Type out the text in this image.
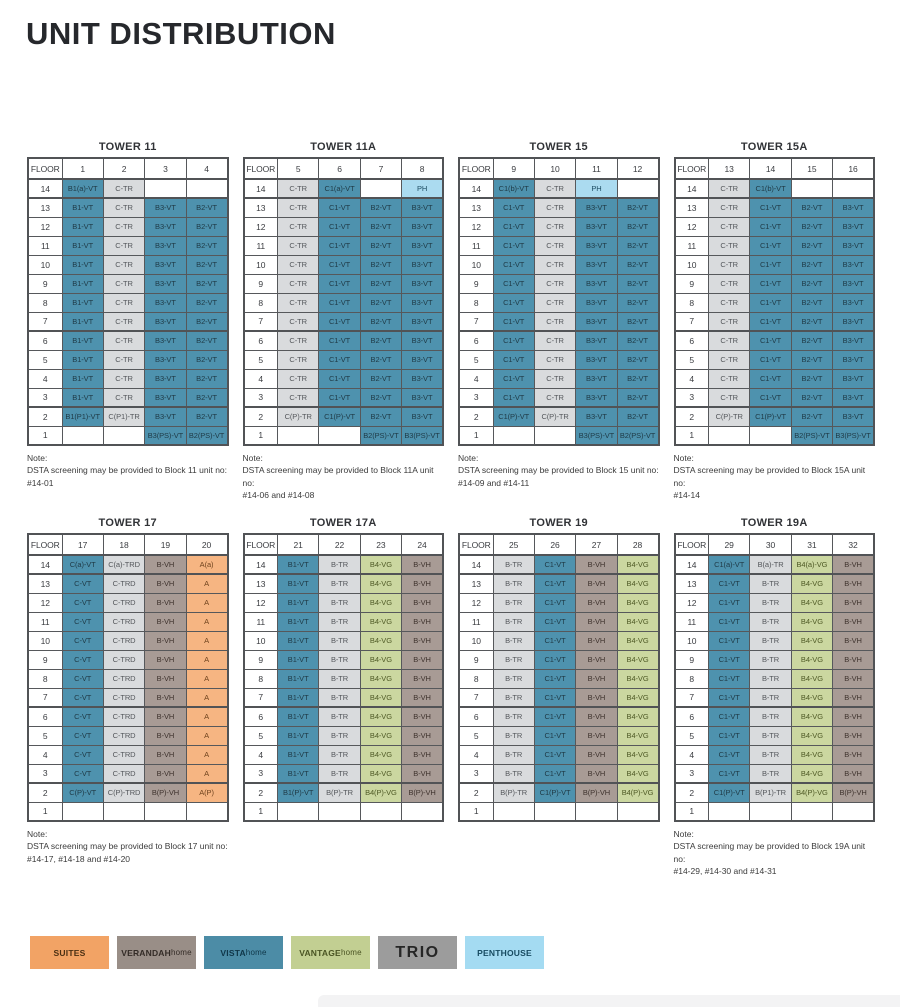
UNIT DISTRIBUTION
TOWER 11
FLOOR	1	2	3	4
14	B1(a)-VT	C-TR		
13	B1-VT	C-TR	B3-VT	B2-VT
12	B1-VT	C-TR	B3-VT	B2-VT
11	B1-VT	C-TR	B3-VT	B2-VT
10	B1-VT	C-TR	B3-VT	B2-VT
9	B1-VT	C-TR	B3-VT	B2-VT
8	B1-VT	C-TR	B3-VT	B2-VT
7	B1-VT	C-TR	B3-VT	B2-VT
6	B1-VT	C-TR	B3-VT	B2-VT
5	B1-VT	C-TR	B3-VT	B2-VT
4	B1-VT	C-TR	B3-VT	B2-VT
3	B1-VT	C-TR	B3-VT	B2-VT
2	B1(P1)-VT	C(P1)-TR	B3-VT	B2-VT
1			B3(PS)-VT	B2(PS)-VT
Note:
DSTA screening may be provided to Block 11 unit no:
#14-01
TOWER 11A
FLOOR	5	6	7	8
14	C-TR	C1(a)-VT		PH
13	C-TR	C1-VT	B2-VT	B3-VT
12	C-TR	C1-VT	B2-VT	B3-VT
11	C-TR	C1-VT	B2-VT	B3-VT
10	C-TR	C1-VT	B2-VT	B3-VT
9	C-TR	C1-VT	B2-VT	B3-VT
8	C-TR	C1-VT	B2-VT	B3-VT
7	C-TR	C1-VT	B2-VT	B3-VT
6	C-TR	C1-VT	B2-VT	B3-VT
5	C-TR	C1-VT	B2-VT	B3-VT
4	C-TR	C1-VT	B2-VT	B3-VT
3	C-TR	C1-VT	B2-VT	B3-VT
2	C(P)-TR	C1(P)-VT	B2-VT	B3-VT
1			B2(PS)-VT	B3(PS)-VT
Note:
DSTA screening may be provided to Block 11A unit no:
#14-06 and #14-08
TOWER 15
FLOOR	9	10	11	12
14	C1(b)-VT	C-TR	PH	
13	C1-VT	C-TR	B3-VT	B2-VT
12	C1-VT	C-TR	B3-VT	B2-VT
11	C1-VT	C-TR	B3-VT	B2-VT
10	C1-VT	C-TR	B3-VT	B2-VT
9	C1-VT	C-TR	B3-VT	B2-VT
8	C1-VT	C-TR	B3-VT	B2-VT
7	C1-VT	C-TR	B3-VT	B2-VT
6	C1-VT	C-TR	B3-VT	B2-VT
5	C1-VT	C-TR	B3-VT	B2-VT
4	C1-VT	C-TR	B3-VT	B2-VT
3	C1-VT	C-TR	B3-VT	B2-VT
2	C1(P)-VT	C(P)-TR	B3-VT	B2-VT
1			B3(PS)-VT	B2(PS)-VT
Note:
DSTA screening may be provided to Block 15 unit no:
#14-09 and #14-11
TOWER 15A
FLOOR	13	14	15	16
14	C-TR	C1(b)-VT		
13	C-TR	C1-VT	B2-VT	B3-VT
12	C-TR	C1-VT	B2-VT	B3-VT
11	C-TR	C1-VT	B2-VT	B3-VT
10	C-TR	C1-VT	B2-VT	B3-VT
9	C-TR	C1-VT	B2-VT	B3-VT
8	C-TR	C1-VT	B2-VT	B3-VT
7	C-TR	C1-VT	B2-VT	B3-VT
6	C-TR	C1-VT	B2-VT	B3-VT
5	C-TR	C1-VT	B2-VT	B3-VT
4	C-TR	C1-VT	B2-VT	B3-VT
3	C-TR	C1-VT	B2-VT	B3-VT
2	C(P)-TR	C1(P)-VT	B2-VT	B3-VT
1			B2(PS)-VT	B3(PS)-VT
Note:
DSTA screening may be provided to Block 15A unit no:
#14-14
TOWER 17
FLOOR	17	18	19	20
14	C(a)-VT	C(a)-TRD	B-VH	A(a)
13	C-VT	C-TRD	B-VH	A
12	C-VT	C-TRD	B-VH	A
11	C-VT	C-TRD	B-VH	A
10	C-VT	C-TRD	B-VH	A
9	C-VT	C-TRD	B-VH	A
8	C-VT	C-TRD	B-VH	A
7	C-VT	C-TRD	B-VH	A
6	C-VT	C-TRD	B-VH	A
5	C-VT	C-TRD	B-VH	A
4	C-VT	C-TRD	B-VH	A
3	C-VT	C-TRD	B-VH	A
2	C(P)-VT	C(P)-TRD	B(P)-VH	A(P)
1				
Note:
DSTA screening may be provided to Block 17 unit no:
#14-17, #14-18 and #14-20
TOWER 17A
FLOOR	21	22	23	24
14	B1-VT	B-TR	B4-VG	B-VH
13	B1-VT	B-TR	B4-VG	B-VH
12	B1-VT	B-TR	B4-VG	B-VH
11	B1-VT	B-TR	B4-VG	B-VH
10	B1-VT	B-TR	B4-VG	B-VH
9	B1-VT	B-TR	B4-VG	B-VH
8	B1-VT	B-TR	B4-VG	B-VH
7	B1-VT	B-TR	B4-VG	B-VH
6	B1-VT	B-TR	B4-VG	B-VH
5	B1-VT	B-TR	B4-VG	B-VH
4	B1-VT	B-TR	B4-VG	B-VH
3	B1-VT	B-TR	B4-VG	B-VH
2	B1(P)-VT	B(P)-TR	B4(P)-VG	B(P)-VH
1				
TOWER 19
FLOOR	25	26	27	28
14	B-TR	C1-VT	B-VH	B4-VG
13	B-TR	C1-VT	B-VH	B4-VG
12	B-TR	C1-VT	B-VH	B4-VG
11	B-TR	C1-VT	B-VH	B4-VG
10	B-TR	C1-VT	B-VH	B4-VG
9	B-TR	C1-VT	B-VH	B4-VG
8	B-TR	C1-VT	B-VH	B4-VG
7	B-TR	C1-VT	B-VH	B4-VG
6	B-TR	C1-VT	B-VH	B4-VG
5	B-TR	C1-VT	B-VH	B4-VG
4	B-TR	C1-VT	B-VH	B4-VG
3	B-TR	C1-VT	B-VH	B4-VG
2	B(P)-TR	C1(P)-VT	B(P)-VH	B4(P)-VG
1				
TOWER 19A
FLOOR	29	30	31	32
14	C1(a)-VT	B(a)-TR	B4(a)-VG	B-VH
13	C1-VT	B-TR	B4-VG	B-VH
12	C1-VT	B-TR	B4-VG	B-VH
11	C1-VT	B-TR	B4-VG	B-VH
10	C1-VT	B-TR	B4-VG	B-VH
9	C1-VT	B-TR	B4-VG	B-VH
8	C1-VT	B-TR	B4-VG	B-VH
7	C1-VT	B-TR	B4-VG	B-VH
6	C1-VT	B-TR	B4-VG	B-VH
5	C1-VT	B-TR	B4-VG	B-VH
4	C1-VT	B-TR	B4-VG	B-VH
3	C1-VT	B-TR	B4-VG	B-VH
2	C1(P)-VT	B(P1)-TR	B4(P)-VG	B(P)-VH
1				
Note:
DSTA screening may be provided to Block 19A unit no:
#14-29, #14-30 and #14-31
SUITES	VERANDAH home	VISTA home	VANTAGE home TRIO	PENTHOUSE
